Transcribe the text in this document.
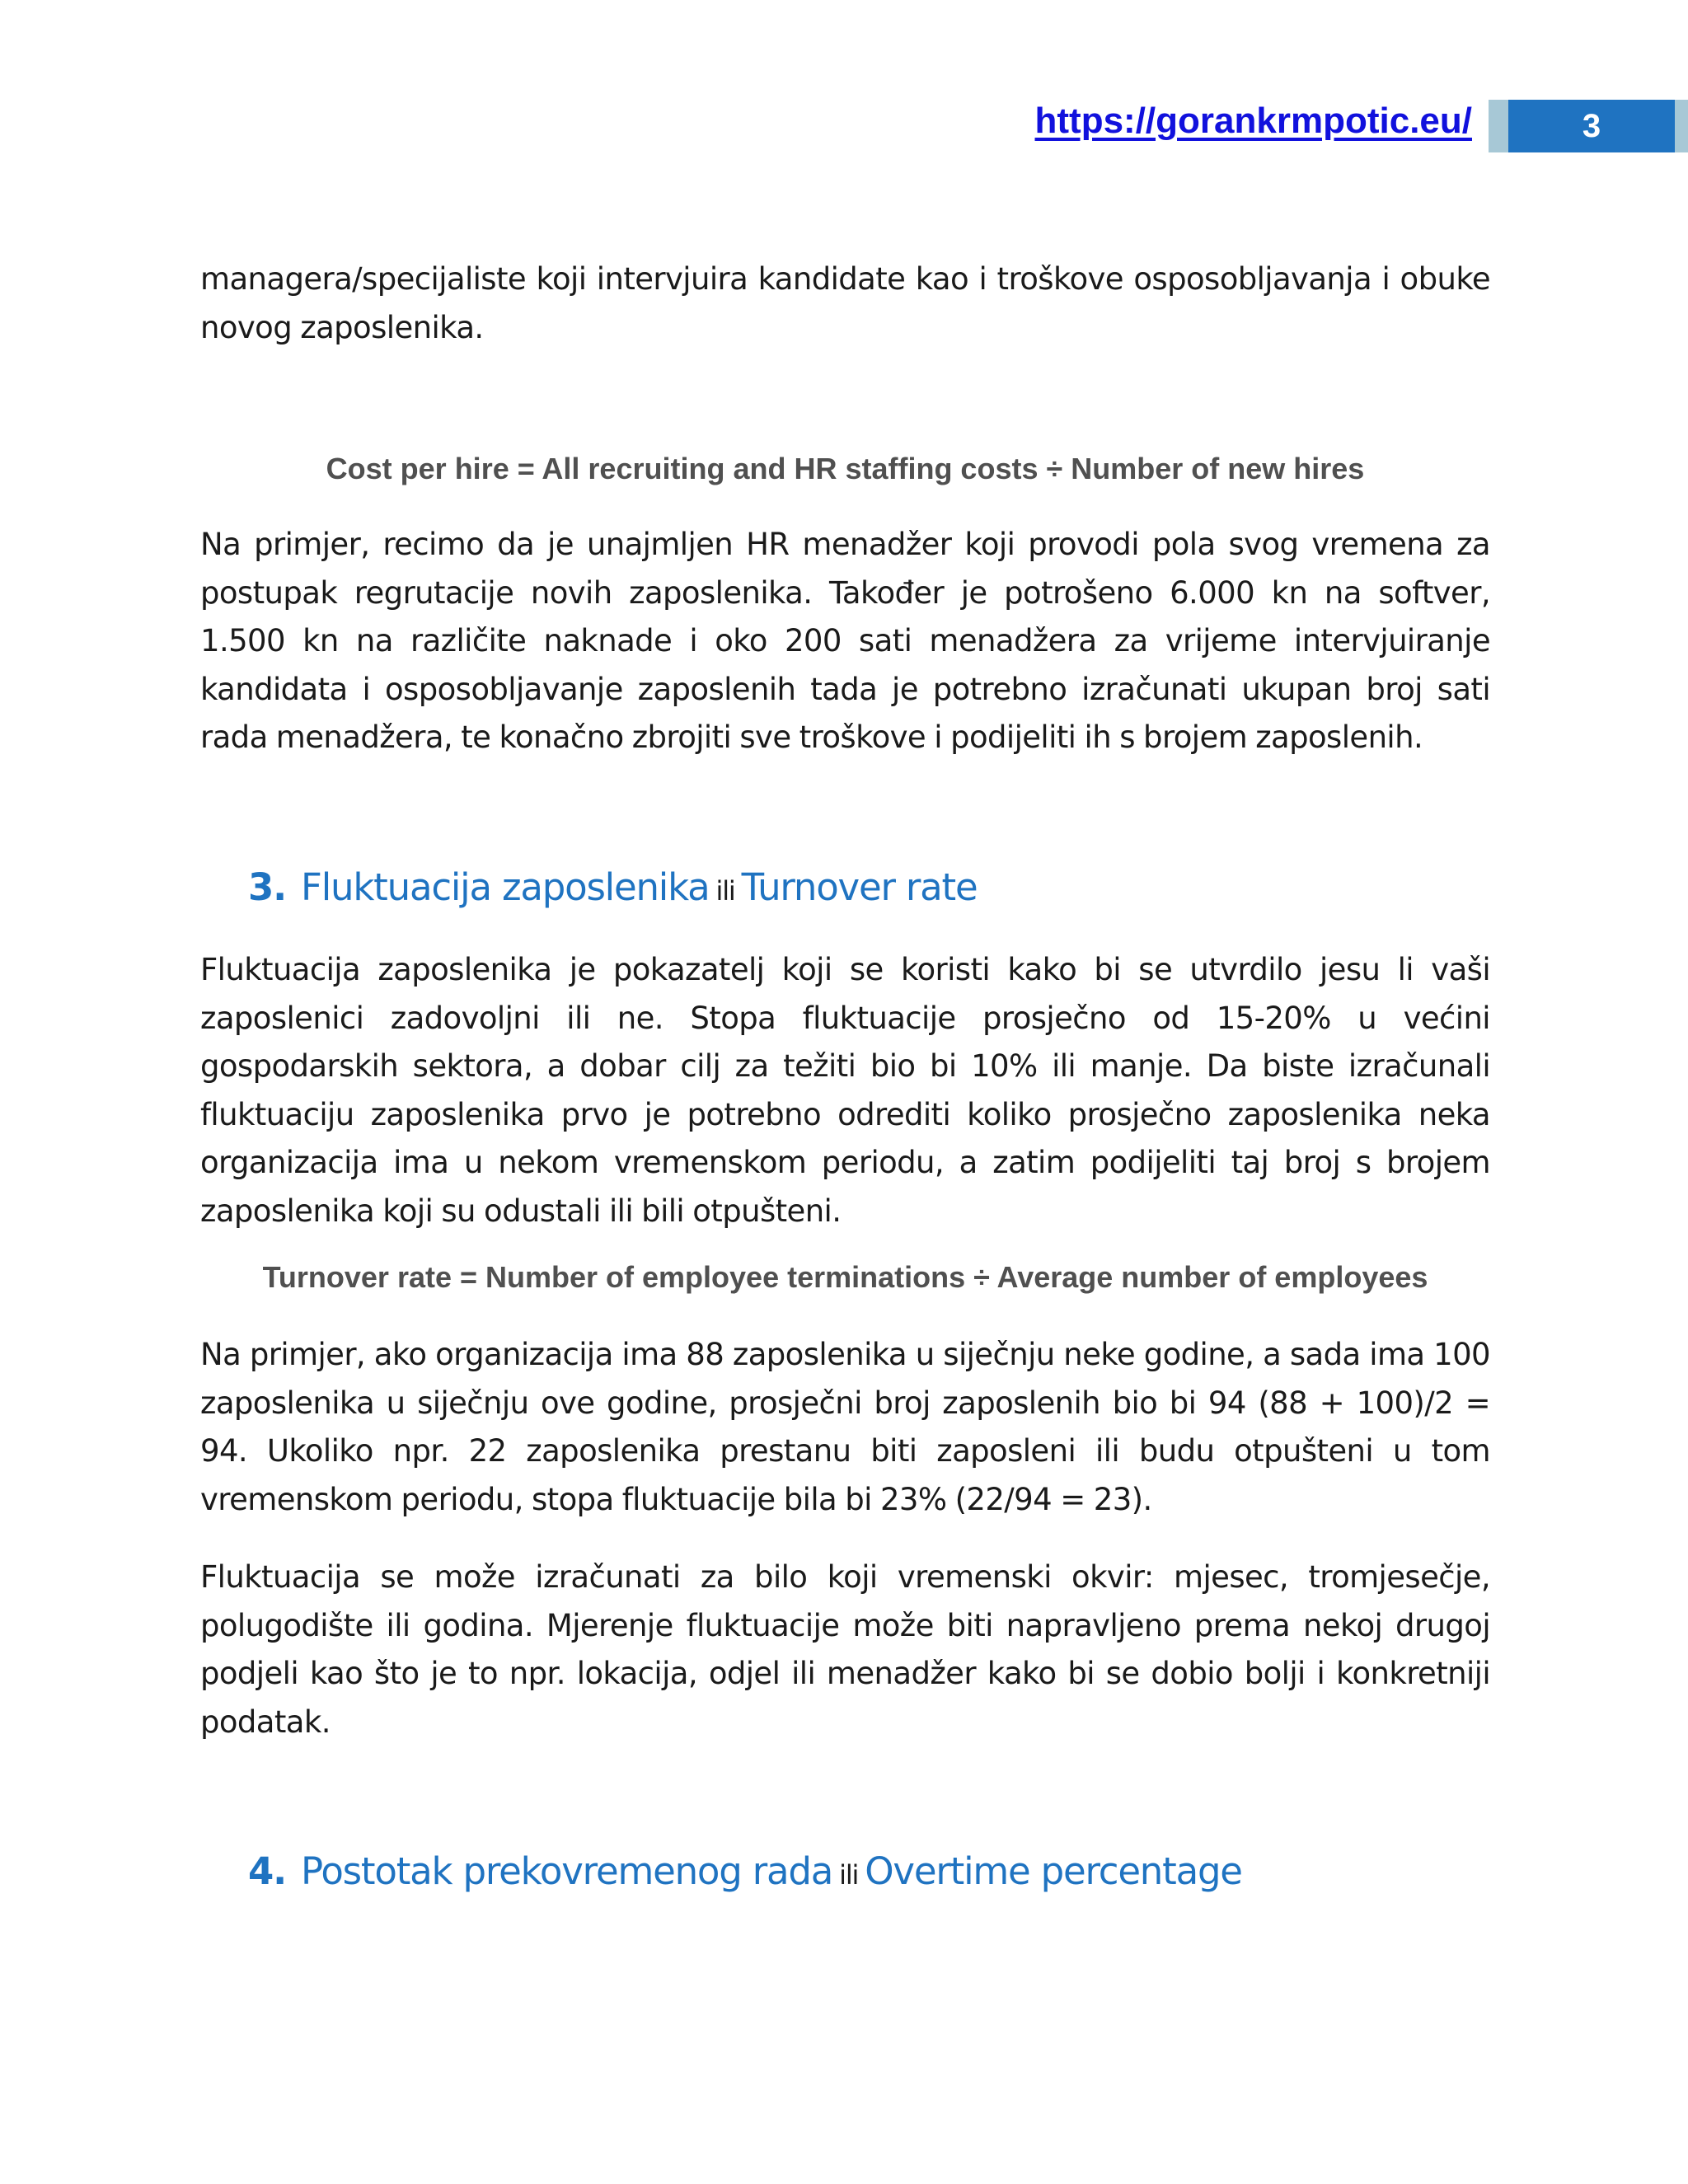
https://gorankrmpotic.eu/	3

managera/specijaliste koji intervjuira kandidate kao i troškove osposobljavanja i obuke novog zaposlenika.

Cost per hire = All recruiting and HR staffing costs ÷ Number of new hires

Na primjer, recimo da je unajmljen HR menadžer koji provodi pola svog vremena za postupak regrutacije novih zaposlenika. Također je potrošeno 6.000 kn na softver, 1.500 kn na različite naknade i oko 200 sati menadžera za vrijeme intervjuiranje kandidata i osposobljavanje zaposlenih tada je potrebno izračunati ukupan broj sati rada menadžera, te konačno zbrojiti sve troškove i podijeliti ih s brojem zaposlenih.

3. Fluktuacija zaposlenika ili Turnover rate

Fluktuacija zaposlenika je pokazatelj koji se koristi kako bi se utvrdilo jesu li vaši zaposlenici zadovoljni ili ne. Stopa fluktuacije prosječno od 15-20% u većini gospodarskih sektora, a dobar cilj za težiti bio bi 10% ili manje. Da biste izračunali fluktuaciju zaposlenika prvo je potrebno odrediti koliko prosječno zaposlenika neka organizacija ima u nekom vremenskom periodu, a zatim podijeliti taj broj s brojem zaposlenika koji su odustali ili bili otpušteni.

Turnover rate = Number of employee terminations ÷ Average number of employees

Na primjer, ako organizacija ima 88 zaposlenika u siječnju neke godine, a sada ima 100 zaposlenika u siječnju ove godine, prosječni broj zaposlenih bio bi 94 (88 + 100)/2 = 94. Ukoliko npr. 22 zaposlenika prestanu biti zaposleni ili budu otpušteni u tom vremenskom periodu, stopa fluktuacije bila bi 23% (22/94 = 23).

Fluktuacija se može izračunati za bilo koji vremenski okvir: mjesec, tromjesečje, polugodište ili godina. Mjerenje fluktuacije može biti napravljeno prema nekoj drugoj podjeli kao što je to npr. lokacija, odjel ili menadžer kako bi se dobio bolji i konkretniji podatak.

4. Postotak prekovremenog rada ili Overtime percentage
